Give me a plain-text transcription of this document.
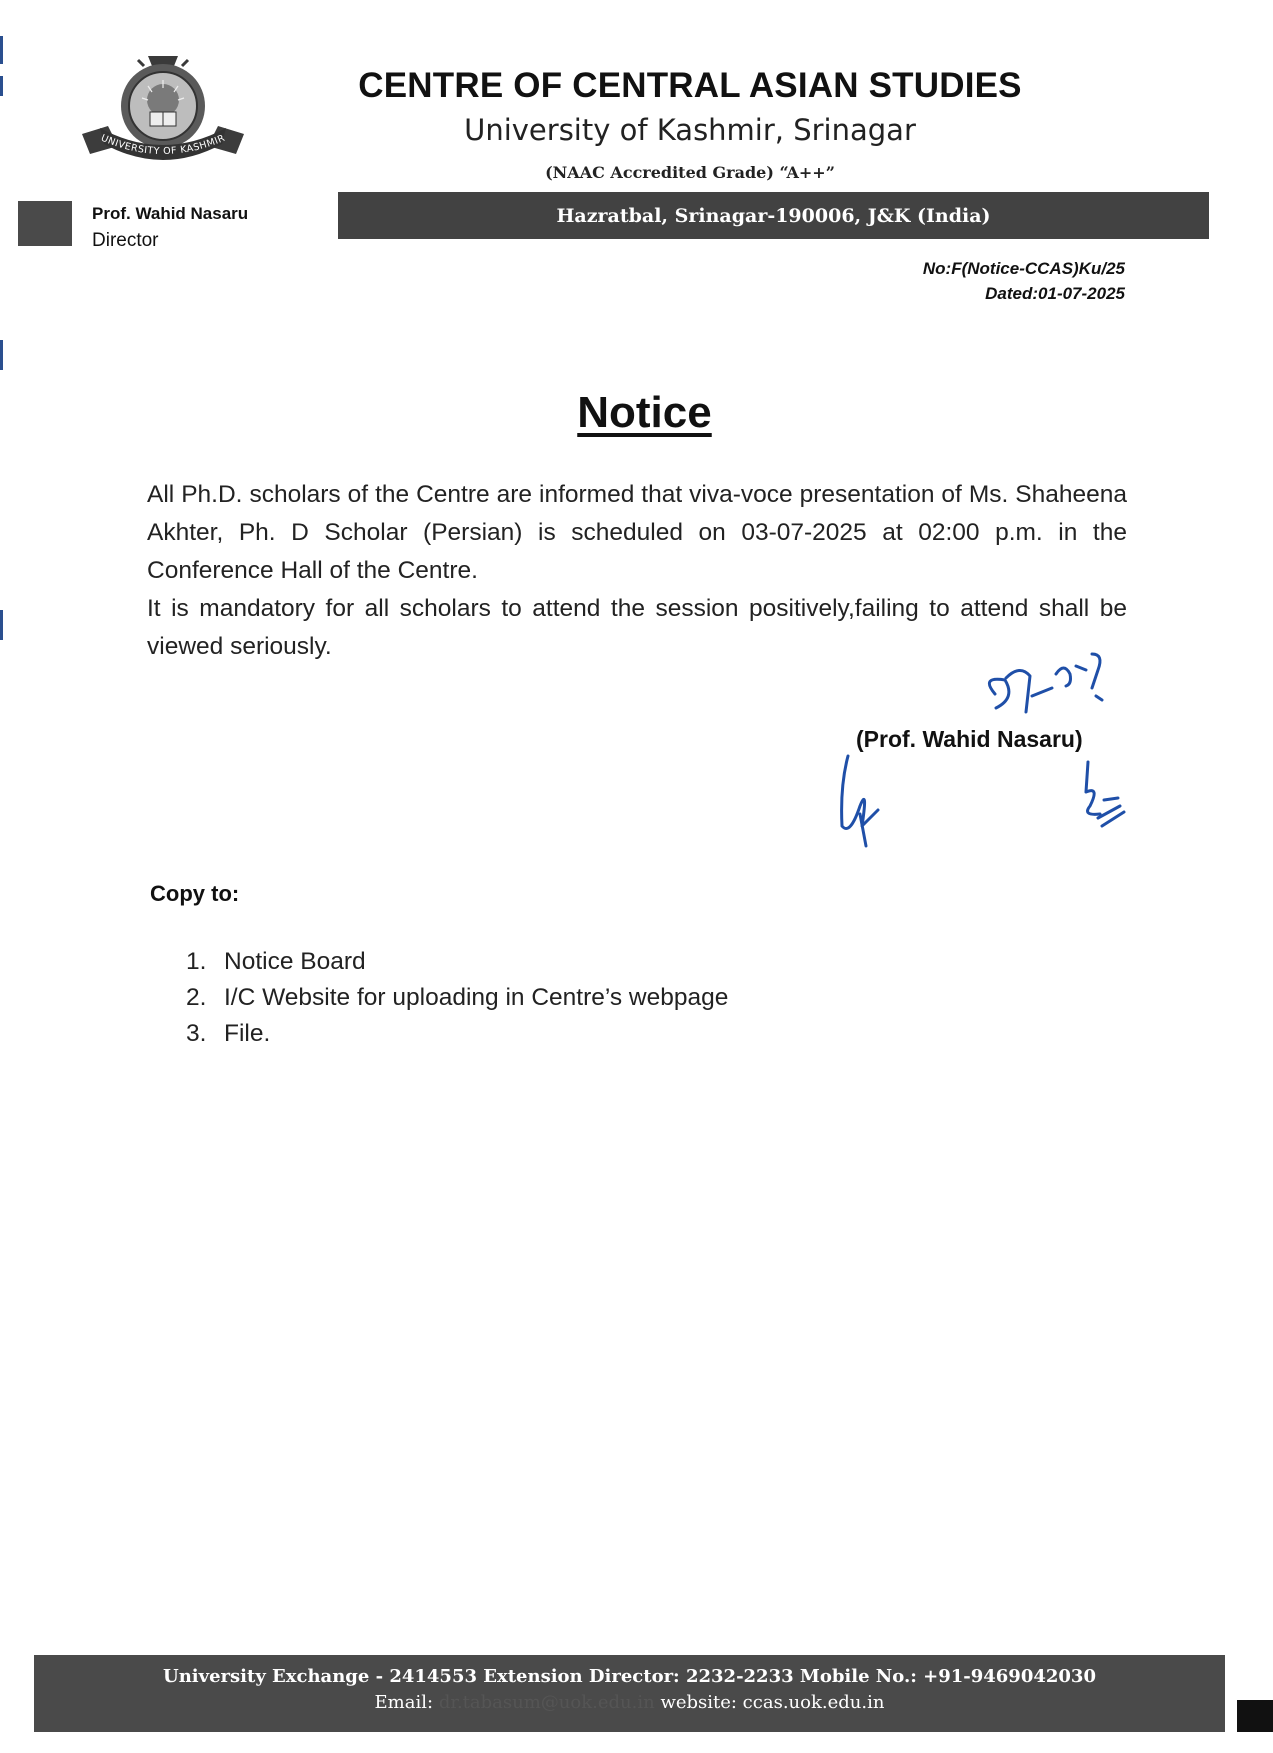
UNIVERSITY OF KASHMIR
CENTRE OF CENTRAL ASIAN STUDIES
University of Kashmir, Srinagar
(NAAC Accredited Grade) “A++”
Prof. Wahid Nasaru
Director
Hazratbal, Srinagar-190006, J&K (India)
No:F(Notice-CCAS)Ku/25
Dated:01-07-2025
Notice

All Ph.D. scholars of the Centre are informed that viva-voce presentation of Ms. Shaheena Akhter, Ph. D Scholar (Persian) is scheduled on 03-07-2025 at 02:00 p.m. in the Conference Hall of the Centre.

It is mandatory for all scholars to attend the session positively,failing to attend shall be viewed seriously.

(Prof. Wahid Nasaru)
Copy to:
1. Notice Board
2. I/C Website for uploading in Centre’s webpage
3. File.
University Exchange - 2414553 Extension Director: 2232-2233 Mobile No.: +91-9469042030
Email: dr.tabasum@uok.edu.in website: ccas.uok.edu.in
